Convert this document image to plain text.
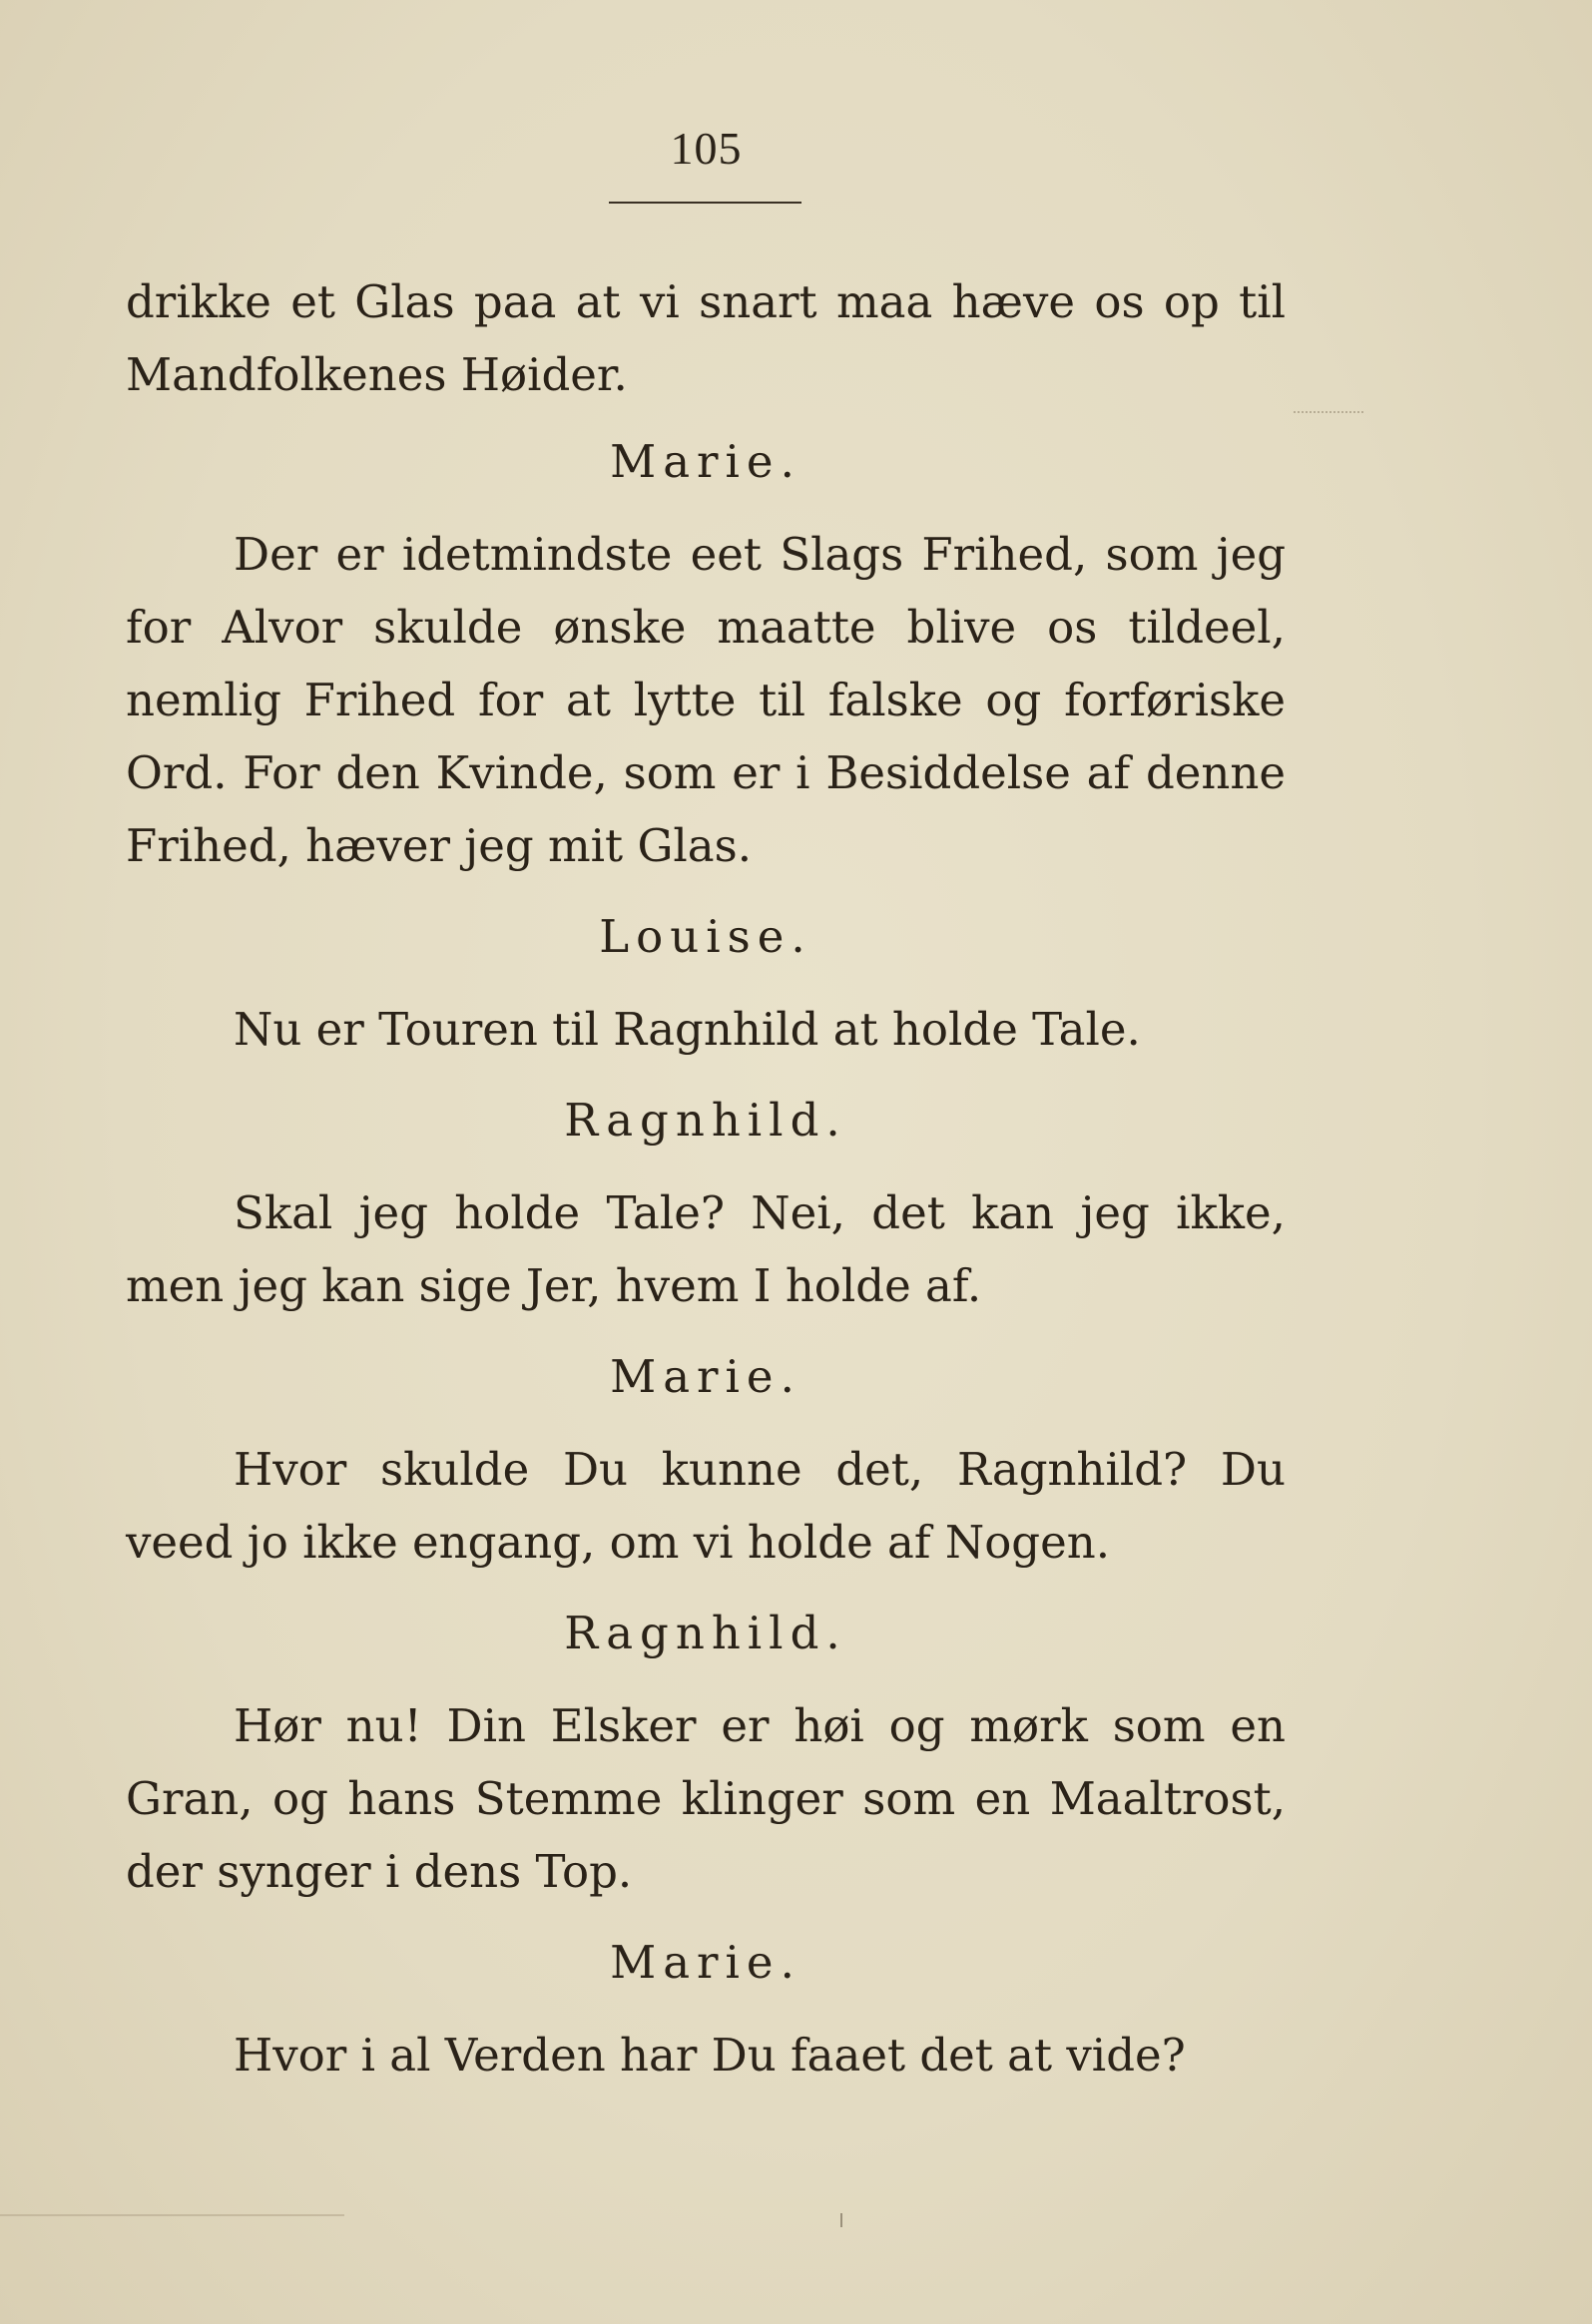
105

drikke et Glas paa at vi snart maa hæve os op til Mandfolkenes Høider.

Marie.

Der er idetmindste eet Slags Frihed, som jeg for Alvor skulde ønske maatte blive os tildeel, nemlig Frihed for at lytte til falske og forføriske Ord. For den Kvinde, som er i Besiddelse af denne Frihed, hæver jeg mit Glas.

Louise.

Nu er Touren til Ragnhild at holde Tale.

Ragnhild.

Skal jeg holde Tale? Nei, det kan jeg ikke, men jeg kan sige Jer, hvem I holde af.

Marie.

Hvor skulde Du kunne det, Ragnhild? Du veed jo ikke engang, om vi holde af Nogen.

Ragnhild.

Hør nu! Din Elsker er høi og mørk som en Gran, og hans Stemme klinger som en Maaltrost, der synger i dens Top.

Marie.

Hvor i al Verden har Du faaet det at vide?
